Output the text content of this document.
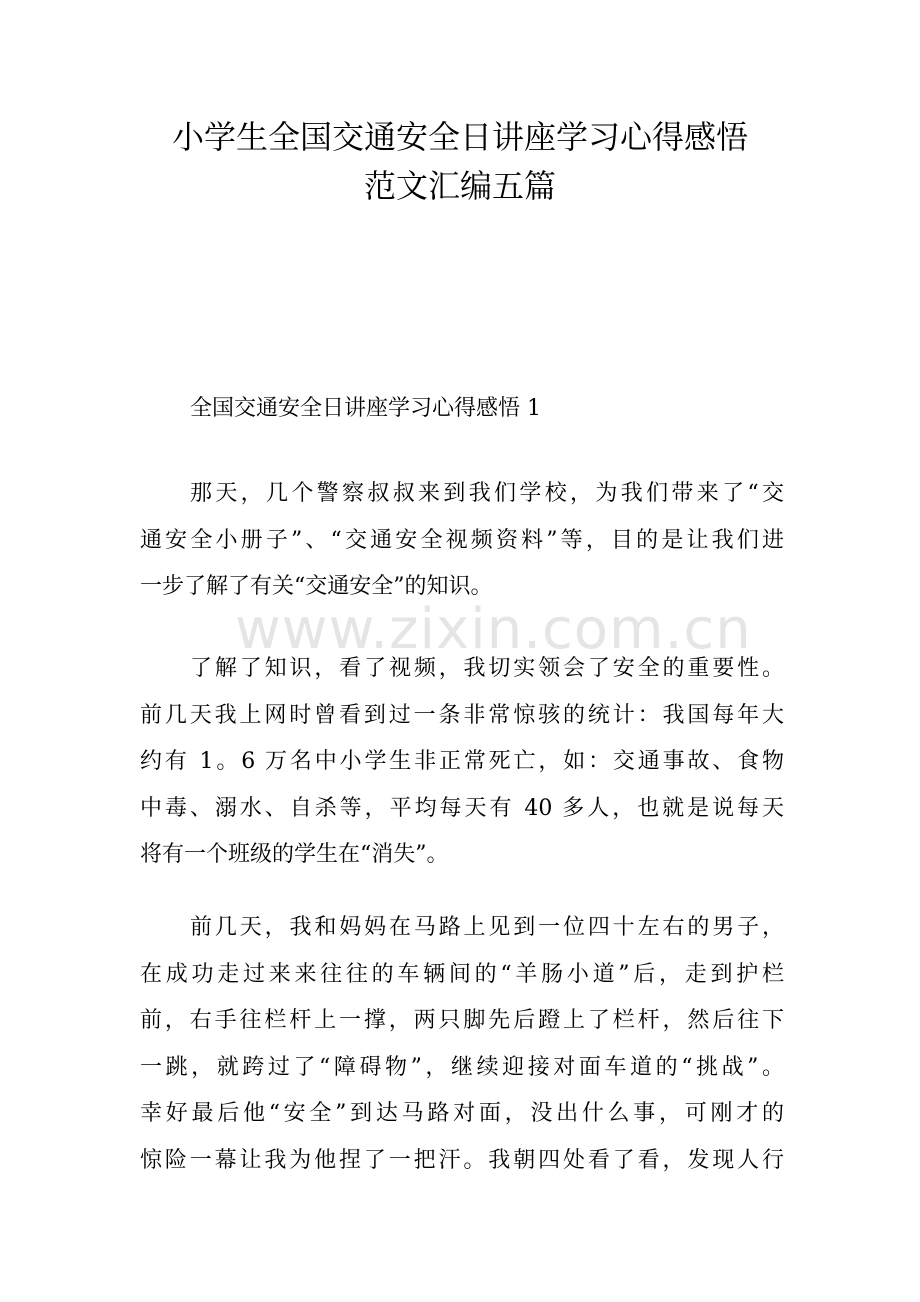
小学生全国交通安全日讲座学习心得感悟
范文汇编五篇
全国交通安全日讲座学习心得感悟 1
那天，几个警察叔叔来到我们学校，为我们带来了“交
通安全小册子”、“交通安全视频资料”等，目的是让我们进
一步了解了有关“交通安全”的知识。
了解了知识，看了视频，我切实领会了安全的重要性。
前几天我上网时曾看到过一条非常惊骇的统计：我国每年大
约有 1。6 万名中小学生非正常死亡，如：交通事故、食物
中毒、溺水、自杀等，平均每天有 40 多人，也就是说每天
将有一个班级的学生在“消失”。
前几天，我和妈妈在马路上见到一位四十左右的男子，
在成功走过来来往往的车辆间的“羊肠小道”后，走到护栏
前，右手往栏杆上一撑，两只脚先后蹬上了栏杆，然后往下
一跳，就跨过了“障碍物”，继续迎接对面车道的“挑战”。
幸好最后他“安全”到达马路对面，没出什么事，可刚才的
惊险一幕让我为他捏了一把汗。我朝四处看了看，发现人行
www.zixin.com.cn
